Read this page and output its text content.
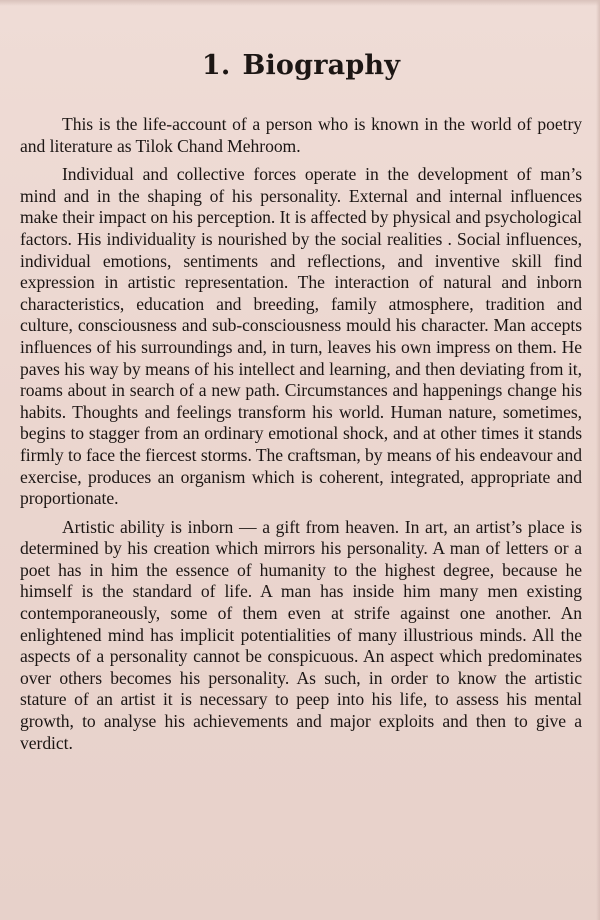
1. Biography

This is the life-account of a person who is known in the world of poetry and literature as Tilok Chand Mehroom.

Individual and collective forces operate in the development of man’s mind and in the shaping of his personality. External and internal influences make their impact on his perception. It is affected by physical and psychological factors. His individuality is nourished by the social realities . Social influences, individual emotions, sentiments and reflections, and inventive skill find expression in artistic representation. The interaction of natural and inborn characteristics, education and breeding, family atmosphere, tradition and culture, consciousness and sub-consciousness mould his character. Man accepts influences of his surroundings and, in turn, leaves his own impress on them. He paves his way by means of his intellect and learning, and then deviating from it, roams about in search of a new path. Circumstances and happenings change his habits. Thoughts and feelings transform his world. Human nature, sometimes, begins to stagger from an ordinary emotional shock, and at other times it stands firmly to face the fiercest storms. The craftsman, by means of his endeavour and exercise, produces an organism which is coherent, integrated, appropriate and proportionate.

Artistic ability is inborn — a gift from heaven. In art, an artist’s place is determined by his creation which mirrors his personality. A man of letters or a poet has in him the essence of humanity to the highest degree, because he himself is the standard of life. A man has inside him many men existing contemporaneously, some of them even at strife against one another. An enlightened mind has implicit potentialities of many illustrious minds. All the aspects of a personality cannot be conspicuous. An aspect which predominates over others becomes his personality. As such, in order to know the artistic stature of an artist it is necessary to peep into his life, to assess his mental growth, to analyse his achievements and major exploits and then to give a verdict.
